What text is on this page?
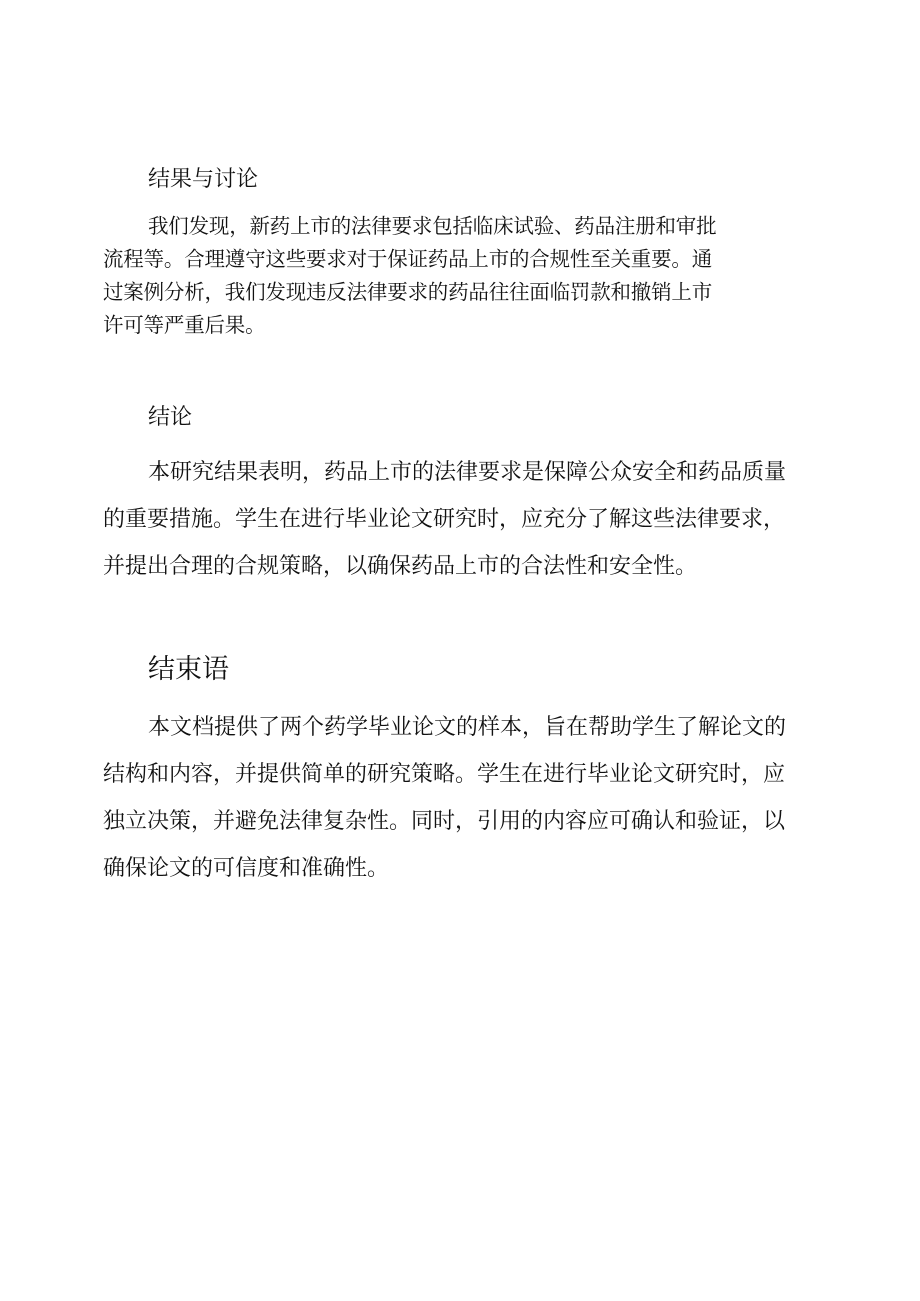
结果与讨论

我们发现，新药上市的法律要求包括临床试验、药品注册和审批
流程等。合理遵守这些要求对于保证药品上市的合规性至关重要。通
过案例分析，我们发现违反法律要求的药品往往面临罚款和撤销上市
许可等严重后果。

结论

本研究结果表明，药品上市的法律要求是保障公众安全和药品质量
的重要措施。学生在进行毕业论文研究时，应充分了解这些法律要求，
并提出合理的合规策略，以确保药品上市的合法性和安全性。

结束语

本文档提供了两个药学毕业论文的样本，旨在帮助学生了解论文的
结构和内容，并提供简单的研究策略。学生在进行毕业论文研究时，应
独立决策，并避免法律复杂性。同时，引用的内容应可确认和验证，以
确保论文的可信度和准确性。
